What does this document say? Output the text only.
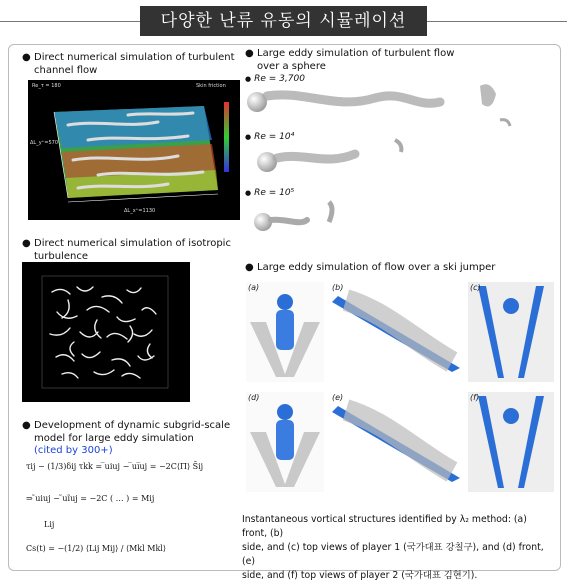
다양한 난류 유동의 시뮬레이션
● Direct numerical simulation of turbulent
channel flow
Re_τ = 180	Skin friction
ΔL_y⁺=570
ΔL_x⁺=1130
● Direct numerical simulation of isotropic
turbulence
● Development of dynamic subgrid-scale
model for large eddy simulation
(cited by 300+)
τij − (1/3)δij τkk = ̅uiuj − ̅ui̅uj = −2C⟨Π⟩ S̄ij
⇒ ̃uiuj − ̃uĩuj = −2C ( … ) = Mij
Lij
Cs(t) = −(1/2) ⟨Lij Mij⟩ / ⟨Mkl Mkl⟩
● Large eddy simulation of turbulent flow
over a sphere
● Re = 3,700
● Re = 10⁴
● Re = 10⁵
● Large eddy simulation of flow over a ski jumper
(a)	(b)	(c)
(d)	(e)	(f)
Instantaneous vortical structures identified by λ₂ method: (a) front, (b)
side, and (c) top views of player 1 (국가대표 강칠구), and (d) front, (e)
side, and (f) top views of player 2 (국가대표 김현기).
